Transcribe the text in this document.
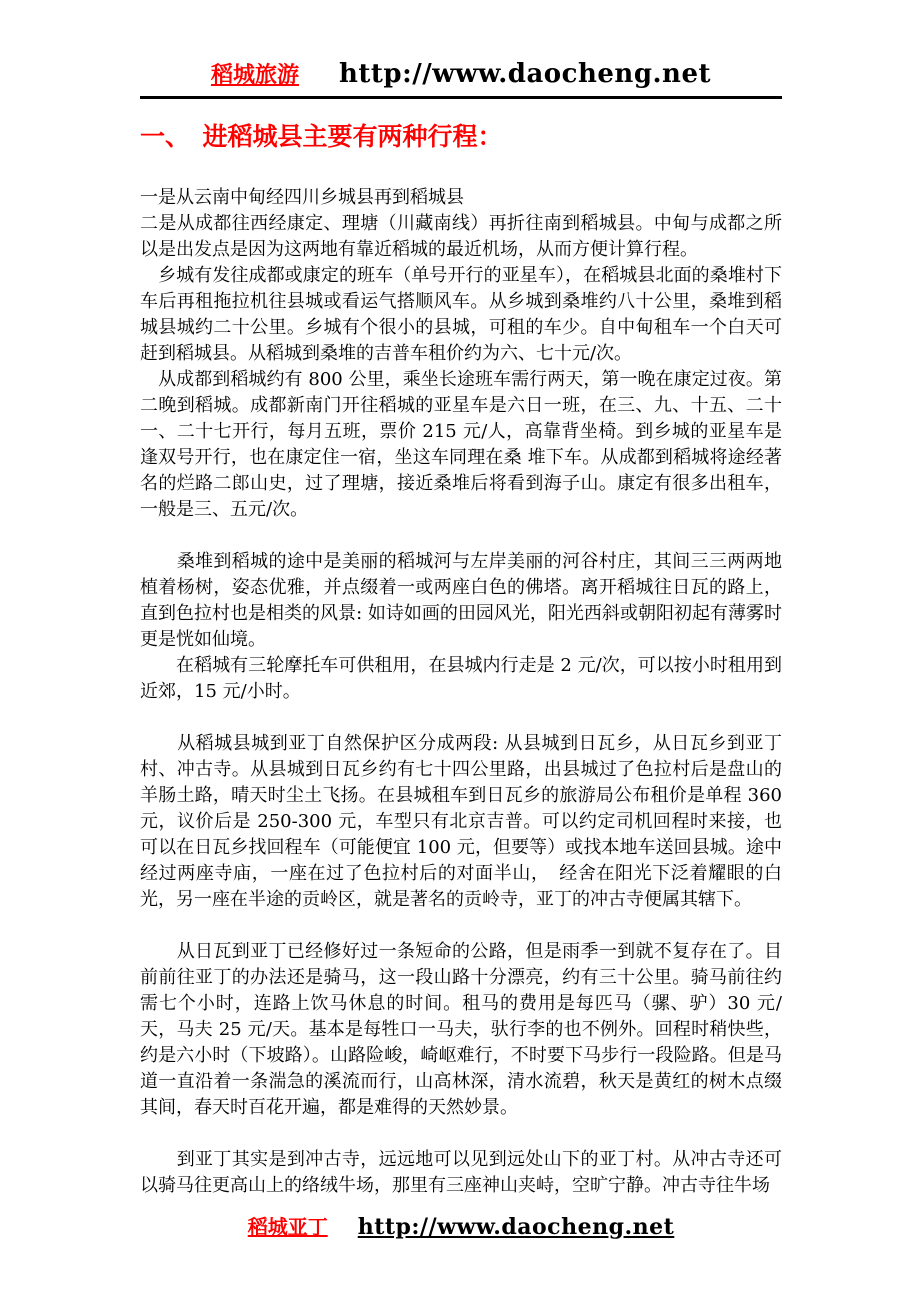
稻城旅游 http://www.daocheng.net
一、　进稻城县主要有两种行程：

一是从云南中甸经四川乡城县再到稻城县

二是从成都往西经康定、理塘（川藏南线）再折往南到稻城县。中甸与成都之所以是出发点是因为这两地有靠近稻城的最近机场，从而方便计算行程。

　乡城有发往成都或康定的班车（单号开行的亚星车），在稻城县北面的桑堆村下车后再租拖拉机往县城或看运气搭顺风车。从乡城到桑堆约八十公里，桑堆到稻城县城约二十公里。乡城有个很小的县城，可租的车少。自中甸租车一个白天可赶到稻城县。从稻城到桑堆的吉普车租价约为六、七十元/次。

　从成都到稻城约有 800 公里，乘坐长途班车需行两天，第一晚在康定过夜。第二晚到稻城。成都新南门开往稻城的亚星车是六日一班，在三、九、十五、二十一、二十七开行，每月五班，票价 215 元/人，高靠背坐椅。到乡城的亚星车是逢双号开行，也在康定住一宿，坐这车同理在桑 堆下车。从成都到稻城将途经著名的烂路二郎山史，过了理塘，接近桑堆后将看到海子山。康定有很多出租车，一般是三、五元/次。

　　桑堆到稻城的途中是美丽的稻城河与左岸美丽的河谷村庄，其间三三两两地植着杨树，姿态优雅，并点缀着一或两座白色的佛塔。离开稻城往日瓦的路上，直到色拉村也是相类的风景: 如诗如画的田园风光，阳光西斜或朝阳初起有薄雾时更是恍如仙境。

　　在稻城有三轮摩托车可供租用，在县城内行走是 2 元/次，可以按小时租用到近郊，15 元/小时。

　　从稻城县城到亚丁自然保护区分成两段: 从县城到日瓦乡，从日瓦乡到亚丁村、冲古寺。从县城到日瓦乡约有七十四公里路，出县城过了色拉村后是盘山的羊肠土路，晴天时尘土飞扬。在县城租车到日瓦乡的旅游局公布租价是单程 360 元，议价后是 250-300 元，车型只有北京吉普。可以约定司机回程时来接，也可以在日瓦乡找回程车（可能便宜 100 元，但要等）或找本地车送回县城。途中经过两座寺庙，一座在过了色拉村后的对面半山，　经舍在阳光下泛着耀眼的白光，另一座在半途的贡岭区，就是著名的贡岭寺，亚丁的冲古寺便属其辖下。

　　从日瓦到亚丁已经修好过一条短命的公路，但是雨季一到就不复存在了。目前前往亚丁的办法还是骑马，这一段山路十分漂亮，约有三十公里。骑马前往约需七个小时，连路上饮马休息的时间。租马的费用是每匹马（骡、驴）30 元/天，马夫 25 元/天。基本是每牲口一马夫，驮行李的也不例外。回程时稍快些，约是六小时（下坡路）。山路险峻，崎岖难行，不时要下马步行一段险路。但是马道一直沿着一条湍急的溪流而行，山高林深，清水流碧，秋天是黄红的树木点缀其间，春天时百花开遍，都是难得的天然妙景。

　　到亚丁其实是到冲古寺，远远地可以见到远处山下的亚丁村。从冲古寺还可以骑马往更高山上的络绒牛场，那里有三座神山夹峙，空旷宁静。冲古寺往牛场

稻城亚丁 http://www.daocheng.net
